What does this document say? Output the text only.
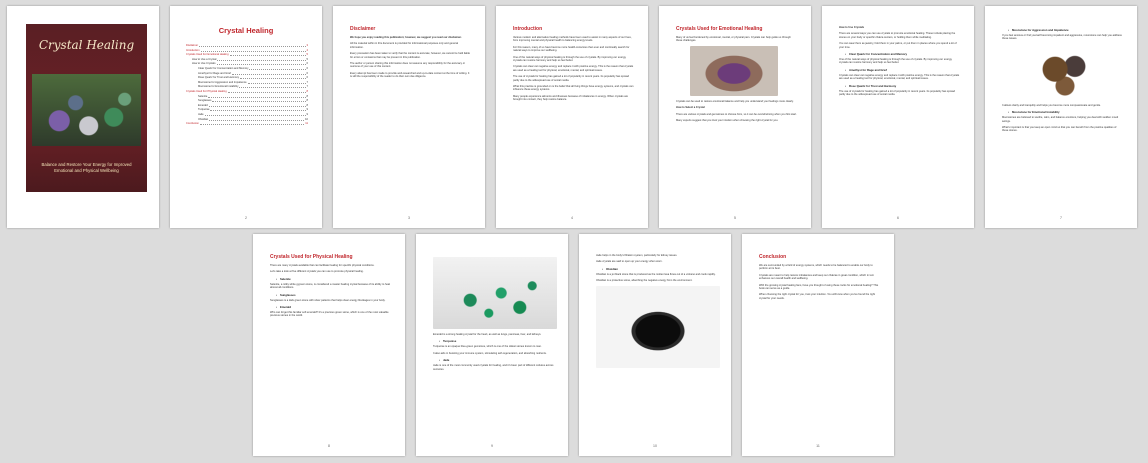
Crystal Healing
Balance and Restore Your Energy for Improved Emotional and Physical Wellbeing
Crystal Healing
Disclaimer	3
Introduction	4
Crystals Used For Emotional Healing	5
How to Use a Crystal	5
How to Use Crystals	6
Clear Quartz for Concentration and Memory	6
Amethyst for Rage and Grief	6
Rose Quartz for Trust and Harmony	6
Moonstone for Aggression and Impatience	7
Moonstone for Emotional Instability	7
Crystals Used For Physical Healing	8
Selenite	8
Sunglasses	8
Emerald	8
Turquoise	9
Jade	9
Obsidian	10
Conclusion	11
2
Disclaimer

We hope you enjoy reading this publication; however, we suggest you read our disclaimer.

All the material within in this document is provided for informational purposes only and general information.

Every precaution has been taken to verify that the content is accurate; however, we cannot be held liable for errors or omissions that may be present in this publication.

The author or person sharing this information does not assume any responsibility for the accuracy or outcome of your use of this content.

Every attempt has been made to provide well-researched and up-to-date content at the time of writing. It is still the responsibility of the reader to do their own due diligence.

3
Introduction

Various modern and alternative healing methods have been used to assist in many aspects of our lives, from improving mental and physical health to balancing energy levels.

For this reason, many of us have become more health-conscious than ever and continually search for natural ways to improve our wellbeing.

One of the natural ways of physical healing is through the use of crystals. By improving our energy, crystals can restore harmony and help us feel better.

Crystals can clear out negative energy and replace it with positive energy. This is the reason that crystals are used as a healing tool for physical, emotional, mental, and spiritual issues.

The use of crystals for healing has gained a lot of popularity in recent years. Its popularity has spread partly due to the widespread use of social media.

What this practice is grounded on is the belief that all living things have energy systems, and crystals can influence these energy systems.

Many people experience ailments and illnesses because of imbalances in energy. When crystals are brought into contact, they help restore balance.

4
Crystals Used for Emotional Healing

Many of us feel burdened by emotional, mental, or physical pain. Crystals can help guide us through these challenges.

Crystals can be used to restore emotional balance and help you understand your feelings more clearly.

How to Select a Crystal

There are various crystals and gemstones to choose from, so it can be overwhelming when you first start.

Many experts suggest that you trust your intuition when choosing the right crystal for you.

5

How to Use Crystals

There are several ways you can use crystals to promote emotional healing. These include placing the stones on your body or specific chakra centers, or holding them while meditating.

You can wear them as jewelry, hold them in your palms, or put them in places where you spend a lot of your time.

• Clear Quartz for Concentration and Memory

One of the natural ways of physical healing is through the use of crystals. By improving our energy, crystals can restore harmony and help us feel better.

• Amethyst for Rage and Grief

Crystals can clear out negative energy and replace it with positive energy. This is the reason that crystals are used as a healing tool for physical, emotional, mental, and spiritual issues.

• Rose Quartz for Trust and Harmony

The use of crystals for healing has gained a lot of popularity in recent years. Its popularity has spread partly due to the widespread use of social media.

6
• Moonstone for Aggression and Impatience

If you feel anxious or find yourself becoming impatient and aggressive, moonstone can help you address these issues.

It allows clarity and tranquility and helps you become more compassionate and gentle.

• Moonstone for Emotional Instability

Moonstones are believed to soothe, calm, and balance emotions, helping you deal with sudden mood swings.

What's important is that you keep an open mind so that you can benefit from the positive qualities of these stones.

7
Crystals Used for Physical Healing

There are many crystals available that can facilitate healing for specific physical conditions.

Let's take a look at five different crystals you can use to promote physical healing.

• Selenite

Selenite, a milky white gypsum stone, is considered a master healing crystal because of its ability to heal almost all conditions.

• Sunglasses

Sunglasses is a dark green stone with silver patterns that helps clear energy blockages in your body.

• Emerald

Who can forget this familiar soft emerald? It's a precious green stone, which is one of the most valuable precious stones in the world.

8

Emerald is a strong healing crystal for the heart, as well as lungs, pancreas, liver, and kidneys.

• Turquoise

Turquoise is an opaque blue-green gemstone, which is one of the oldest stones known to man.

It also aids in boosting your immune system, stimulating self-regeneration, and absorbing nutrients.

• Jade

Jade is one of the most commonly used crystals for healing, and it's been part of different cultures across centuries.

9

Jade helps in the body's filtration system, particularly for kidney issues.

Jade crystals are said to open up your energy when worn.

• Obsidian

Obsidian is a jet black stone that is produced as the molten lava flows out of a volcano and cools rapidly.

Obsidian is a protective stone, absorbing the negative energy from the environment.

10
Conclusion

We are surrounded by a field of energy systems, which needs to be balanced to enable our body to perform at its best.

Crystals are meant to help restore imbalances and keep our chakras in great condition, which in turn enhances our overall health and wellbeing.

With the growing crystal healing fans, have you thought of using these rocks for emotional healing? This book can serve as a guide.

When choosing the right crystal for you, trust your intuition. You will know when you've found the right crystal for your needs.

11
